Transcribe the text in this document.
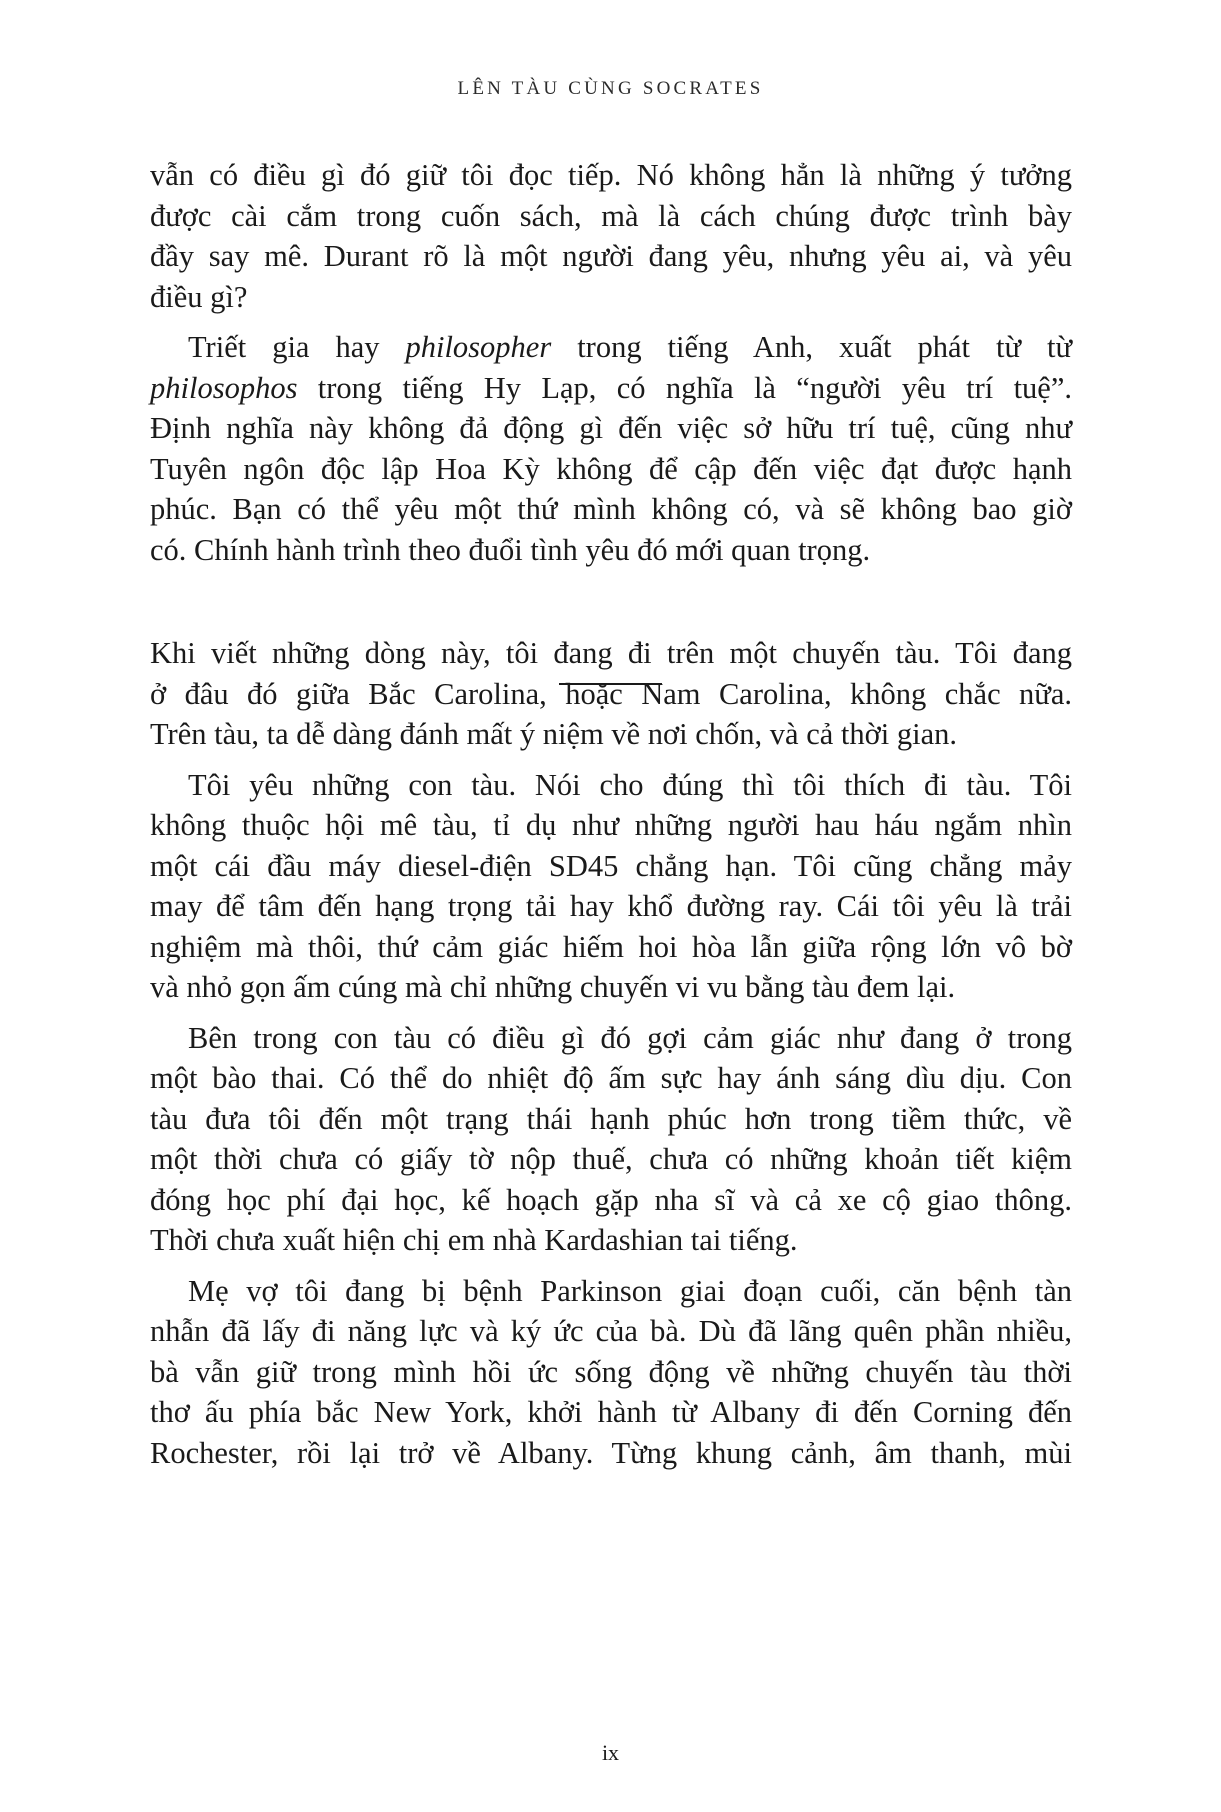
LÊN TÀU CÙNG SOCRATES
vẫn có điều gì đó giữ tôi đọc tiếp. Nó không hẳn là những ý tưởng
được cài cắm trong cuốn sách, mà là cách chúng được trình bày
đầy say mê. Durant rõ là một người đang yêu, nhưng yêu ai, và yêu
điều gì?
Triết gia hay philosopher trong tiếng Anh, xuất phát từ từ
philosophos trong tiếng Hy Lạp, có nghĩa là “người yêu trí tuệ”.
Định nghĩa này không đả động gì đến việc sở hữu trí tuệ, cũng như
Tuyên ngôn độc lập Hoa Kỳ không để cập đến việc đạt được hạnh
phúc. Bạn có thể yêu một thứ mình không có, và sẽ không bao giờ
có. Chính hành trình theo đuổi tình yêu đó mới quan trọng.
Khi viết những dòng này, tôi đang đi trên một chuyến tàu. Tôi đang
ở đâu đó giữa Bắc Carolina, hoặc Nam Carolina, không chắc nữa.
Trên tàu, ta dễ dàng đánh mất ý niệm về nơi chốn, và cả thời gian.
Tôi yêu những con tàu. Nói cho đúng thì tôi thích đi tàu. Tôi
không thuộc hội mê tàu, tỉ dụ như những người hau háu ngắm nhìn
một cái đầu máy diesel-điện SD45 chẳng hạn. Tôi cũng chẳng mảy
may để tâm đến hạng trọng tải hay khổ đường ray. Cái tôi yêu là trải
nghiệm mà thôi, thứ cảm giác hiếm hoi hòa lẫn giữa rộng lớn vô bờ
và nhỏ gọn ấm cúng mà chỉ những chuyến vi vu bằng tàu đem lại.
Bên trong con tàu có điều gì đó gợi cảm giác như đang ở trong
một bào thai. Có thể do nhiệt độ ấm sực hay ánh sáng dìu dịu. Con
tàu đưa tôi đến một trạng thái hạnh phúc hơn trong tiềm thức, về
một thời chưa có giấy tờ nộp thuế, chưa có những khoản tiết kiệm
đóng học phí đại học, kế hoạch gặp nha sĩ và cả xe cộ giao thông.
Thời chưa xuất hiện chị em nhà Kardashian tai tiếng.
Mẹ vợ tôi đang bị bệnh Parkinson giai đoạn cuối, căn bệnh tàn
nhẫn đã lấy đi năng lực và ký ức của bà. Dù đã lãng quên phần nhiều,
bà vẫn giữ trong mình hồi ức sống động về những chuyến tàu thời
thơ ấu phía bắc New York, khởi hành từ Albany đi đến Corning đến
Rochester, rồi lại trở về Albany. Từng khung cảnh, âm thanh, mùi
ix
